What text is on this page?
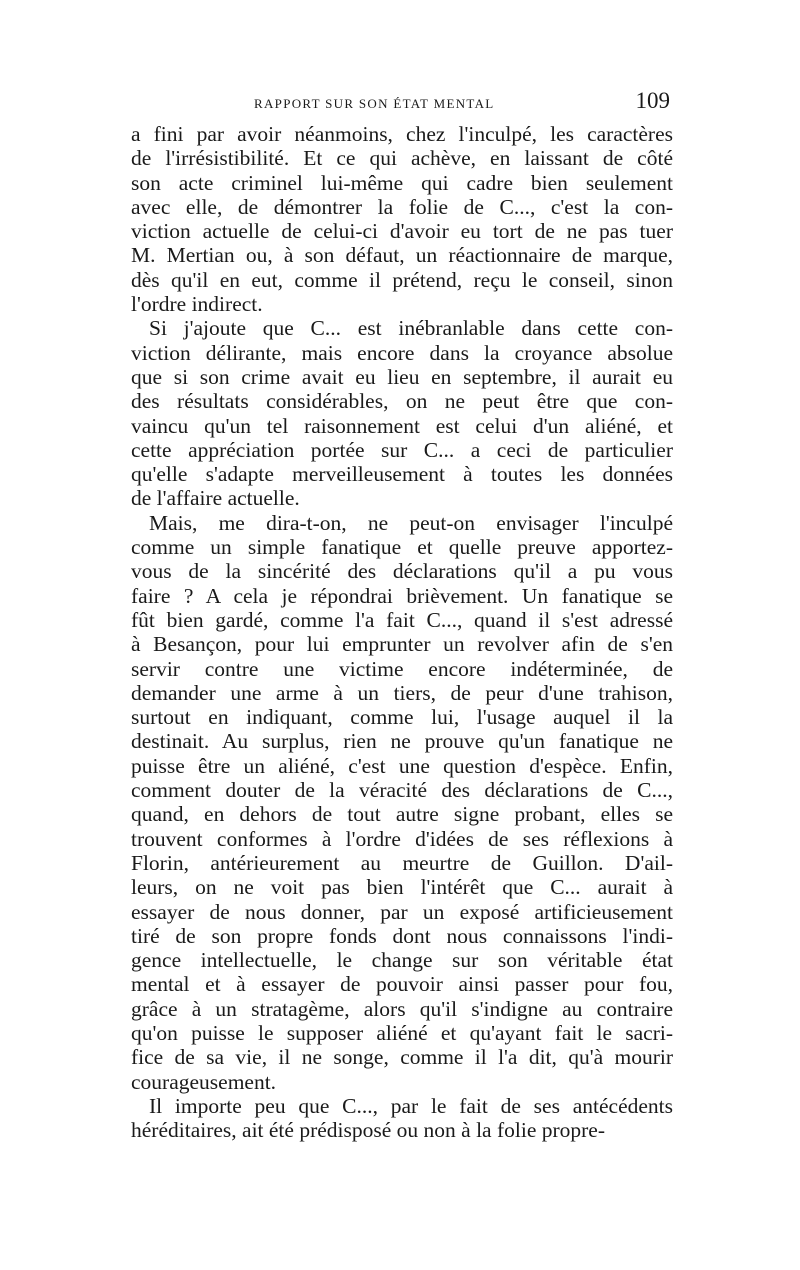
RAPPORT SUR SON ÉTAT MENTAL	109
a fini par avoir néanmoins, chez l'inculpé, les caractères
de l'irrésistibilité. Et ce qui achève, en laissant de côté
son acte criminel lui-même qui cadre bien seulement
avec elle, de démontrer la folie de C..., c'est la con-
viction actuelle de celui-ci d'avoir eu tort de ne pas tuer
M. Mertian ou, à son défaut, un réactionnaire de marque,
dès qu'il en eut, comme il prétend, reçu le conseil, sinon
l'ordre indirect.
Si j'ajoute que C... est inébranlable dans cette con-
viction délirante, mais encore dans la croyance absolue
que si son crime avait eu lieu en septembre, il aurait eu
des résultats considérables, on ne peut être que con-
vaincu qu'un tel raisonnement est celui d'un aliéné, et
cette appréciation portée sur C... a ceci de particulier
qu'elle s'adapte merveilleusement à toutes les données
de l'affaire actuelle.
Mais, me dira-t-on, ne peut-on envisager l'inculpé
comme un simple fanatique et quelle preuve apportez-
vous de la sincérité des déclarations qu'il a pu vous
faire ? A cela je répondrai brièvement. Un fanatique se
fût bien gardé, comme l'a fait C..., quand il s'est adressé
à Besançon, pour lui emprunter un revolver afin de s'en
servir contre une victime encore indéterminée, de
demander une arme à un tiers, de peur d'une trahison,
surtout en indiquant, comme lui, l'usage auquel il la
destinait. Au surplus, rien ne prouve qu'un fanatique ne
puisse être un aliéné, c'est une question d'espèce. Enfin,
comment douter de la véracité des déclarations de C...,
quand, en dehors de tout autre signe probant, elles se
trouvent conformes à l'ordre d'idées de ses réflexions à
Florin, antérieurement au meurtre de Guillon. D'ail-
leurs, on ne voit pas bien l'intérêt que C... aurait à
essayer de nous donner, par un exposé artificieusement
tiré de son propre fonds dont nous connaissons l'indi-
gence intellectuelle, le change sur son véritable état
mental et à essayer de pouvoir ainsi passer pour fou,
grâce à un stratagème, alors qu'il s'indigne au contraire
qu'on puisse le supposer aliéné et qu'ayant fait le sacri-
fice de sa vie, il ne songe, comme il l'a dit, qu'à mourir
courageusement.
Il importe peu que C..., par le fait de ses antécédents
héréditaires, ait été prédisposé ou non à la folie propre-
